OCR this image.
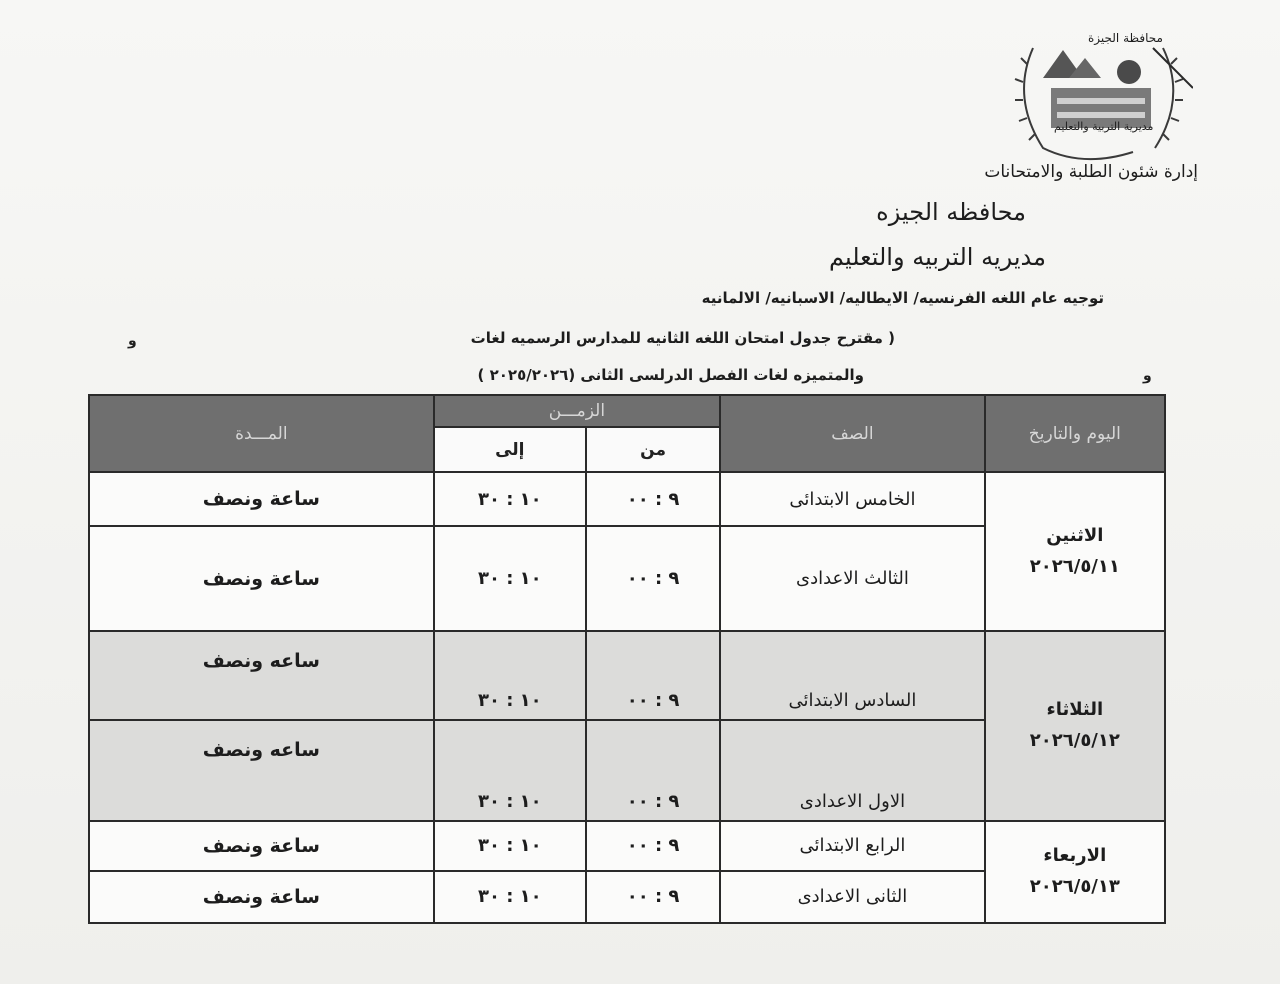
محافظة الجيزة
مديرية التربية والتعليم
إدارة شئون الطلبة والامتحانات
محافظه الجيزه
مديريه التربيه والتعليم
توجيه عام اللغه الفرنسيه/ الايطاليه/ الاسبانيه/ الالمانيه
( مقترح جدول امتحان اللغه الثانيه للمدارس الرسميه لغات
والمتميزه لغات الفصل الدرلسى الثانى (٢٠٢٥/٢٠٢٦ )
و
و
اليوم والتاريخ	الصف	الزمـــن		المـــدة
		من	إلى	

الاثنين
٢٠٢٦/٥/١١	الخامس الابتدائى	٩ : ٠٠	١٠ : ٣٠	ساعة ونصف
	الثالث الاعدادى	٩ : ٠٠	١٠ : ٣٠	ساعة ونصف

الثلاثاء
٢٠٢٦/٥/١٢	السادس الابتدائى	٩ : ٠٠	١٠ : ٣٠	ساعه ونصف
	الاول الاعدادى	٩ : ٠٠	١٠ : ٣٠	ساعه ونصف

الاربعاء
٢٠٢٦/٥/١٣	الرابع الابتدائى	٩ : ٠٠	١٠ : ٣٠	ساعة ونصف
	الثانى الاعدادى	٩ : ٠٠	١٠ : ٣٠	ساعة ونصف
